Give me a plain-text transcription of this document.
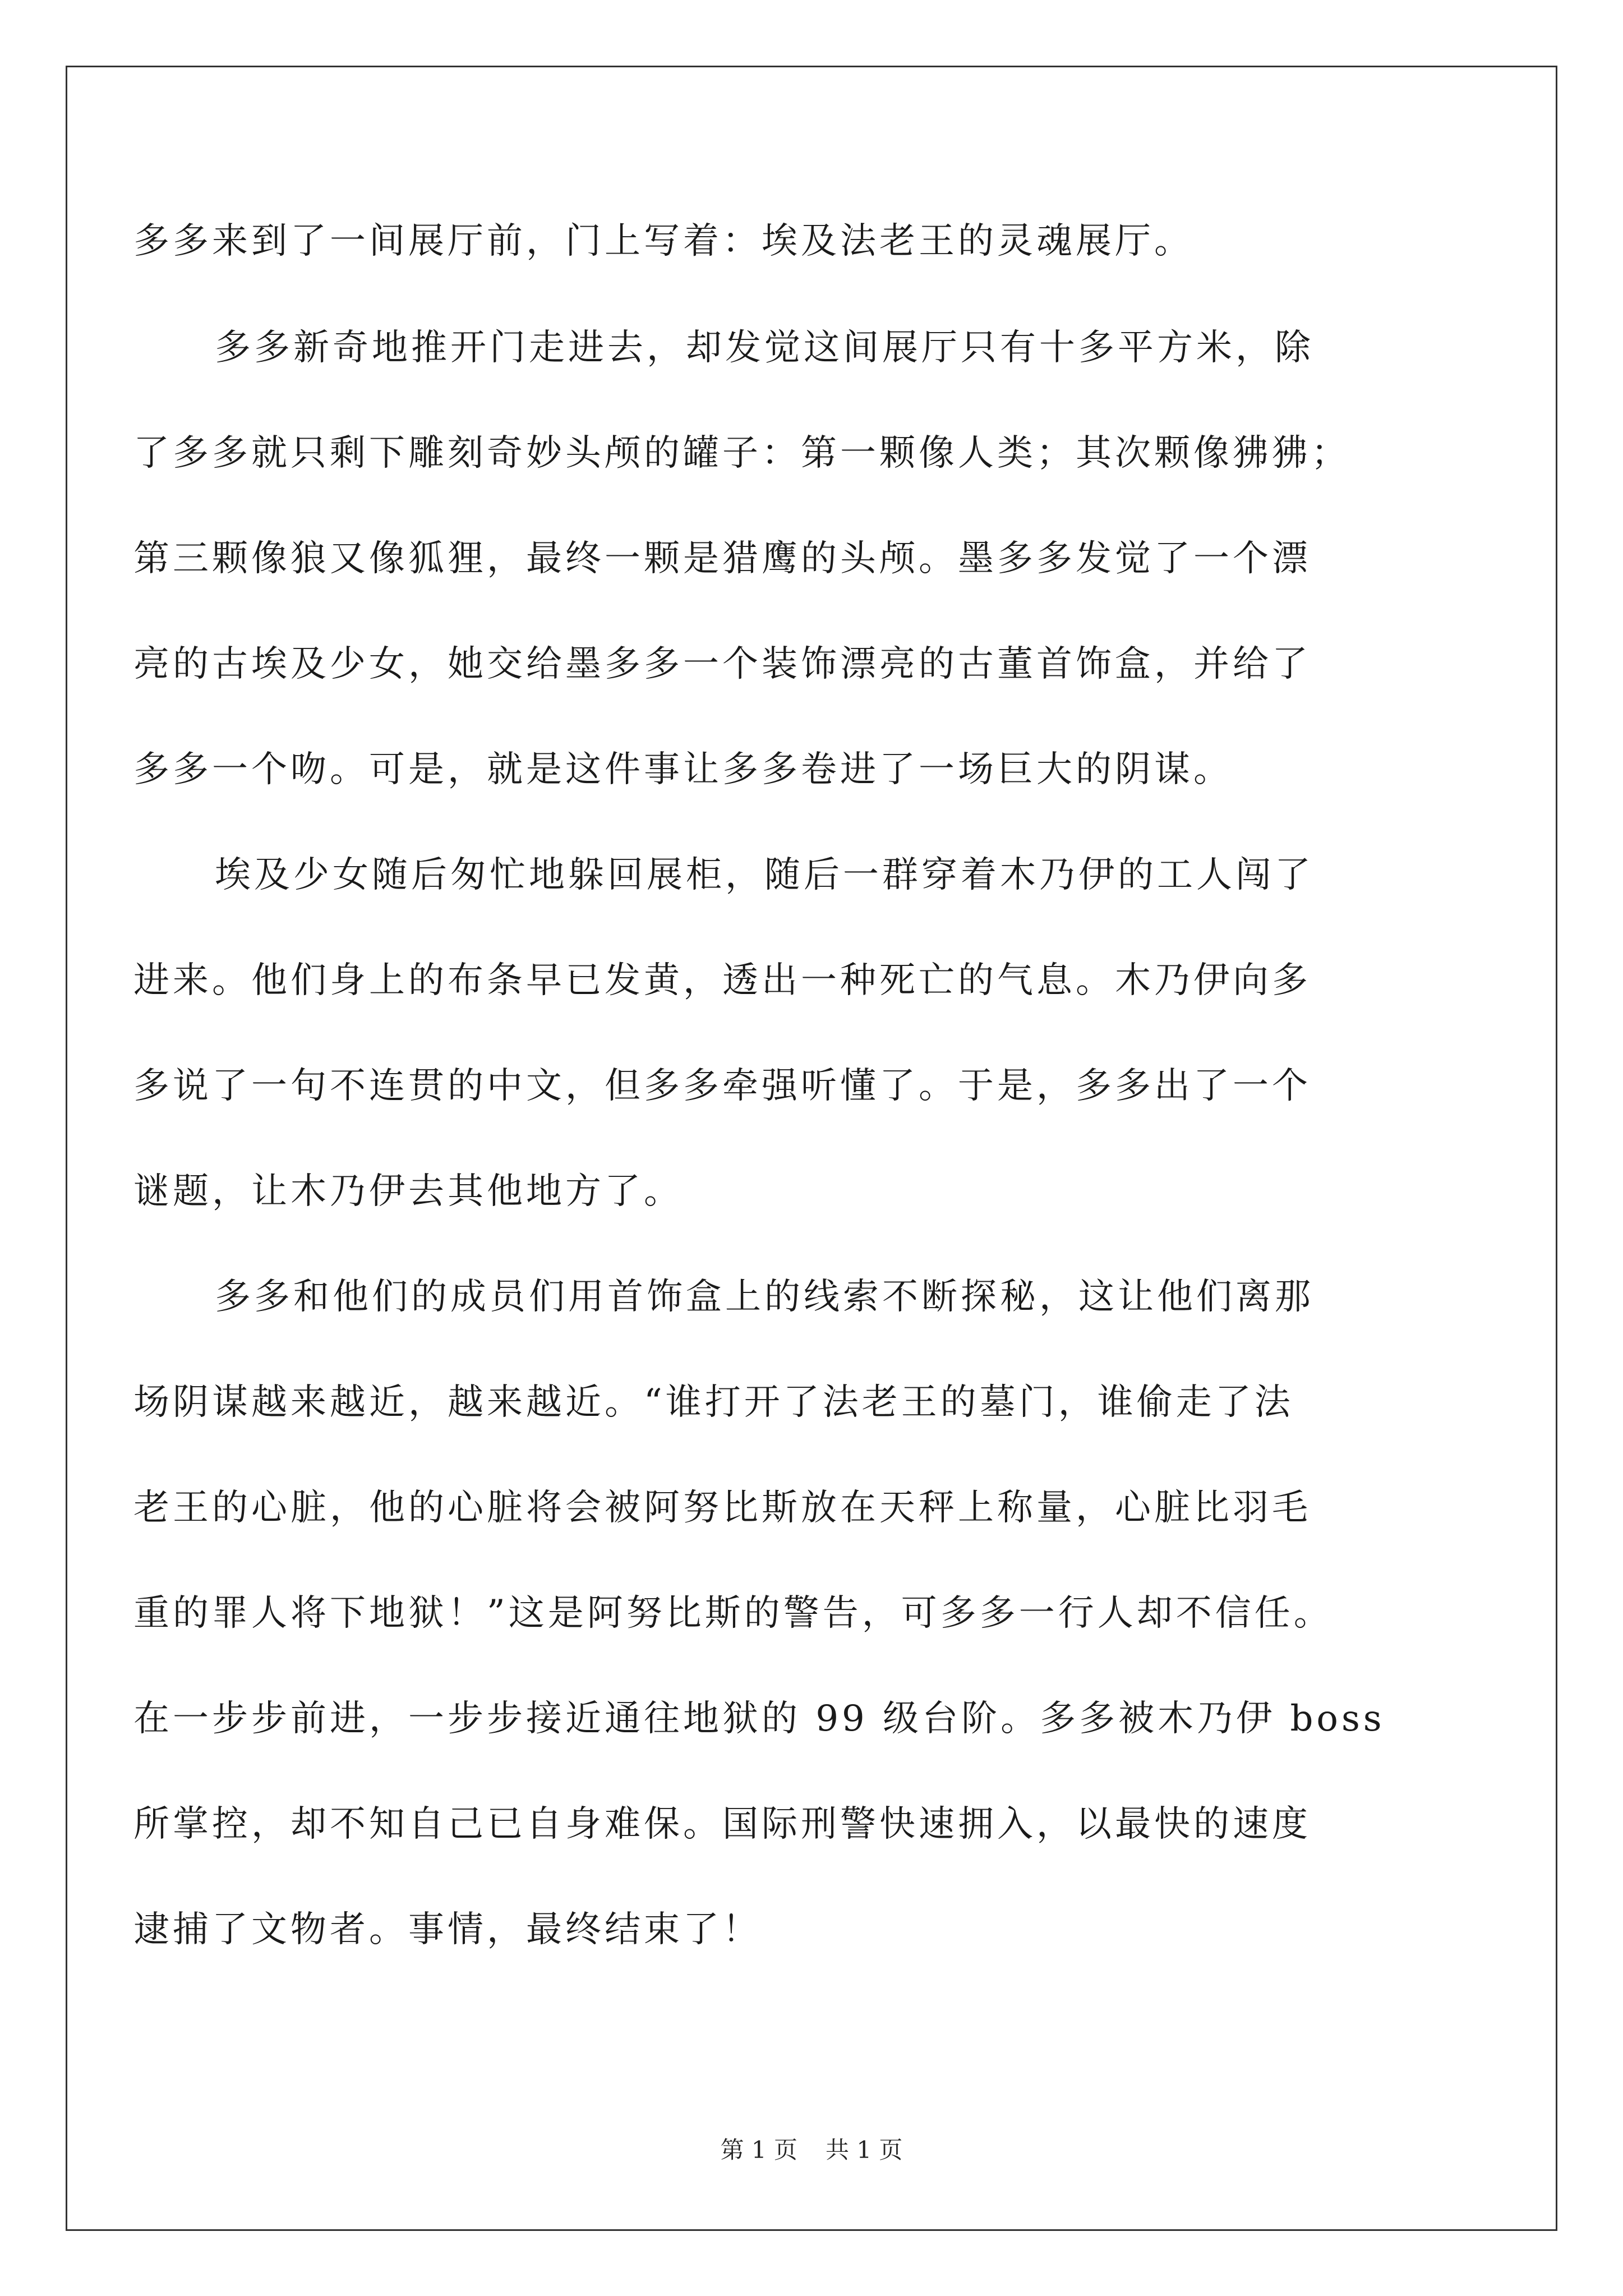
多多来到了一间展厅前，门上写着：埃及法老王的灵魂展厅。
多多新奇地推开门走进去，却发觉这间展厅只有十多平方米，除
了多多就只剩下雕刻奇妙头颅的罐子：第一颗像人类；其次颗像狒狒；
第三颗像狼又像狐狸，最终一颗是猎鹰的头颅。墨多多发觉了一个漂
亮的古埃及少女，她交给墨多多一个装饰漂亮的古董首饰盒，并给了
多多一个吻。可是，就是这件事让多多卷进了一场巨大的阴谋。
埃及少女随后匆忙地躲回展柜，随后一群穿着木乃伊的工人闯了
进来。他们身上的布条早已发黄，透出一种死亡的气息。木乃伊向多
多说了一句不连贯的中文，但多多牵强听懂了。于是，多多出了一个
谜题，让木乃伊去其他地方了。
多多和他们的成员们用首饰盒上的线索不断探秘，这让他们离那
场阴谋越来越近，越来越近。“谁打开了法老王的墓门，谁偷走了法
老王的心脏，他的心脏将会被阿努比斯放在天秤上称量，心脏比羽毛
重的罪人将下地狱！”这是阿努比斯的警告，可多多一行人却不信任。
在一步步前进，一步步接近通往地狱的 99 级台阶。多多被木乃伊 boss
所掌控，却不知自己已自身难保。国际刑警快速拥入，以最快的速度
逮捕了文物者。事情，最终结束了！
第 1 页 共 1 页
